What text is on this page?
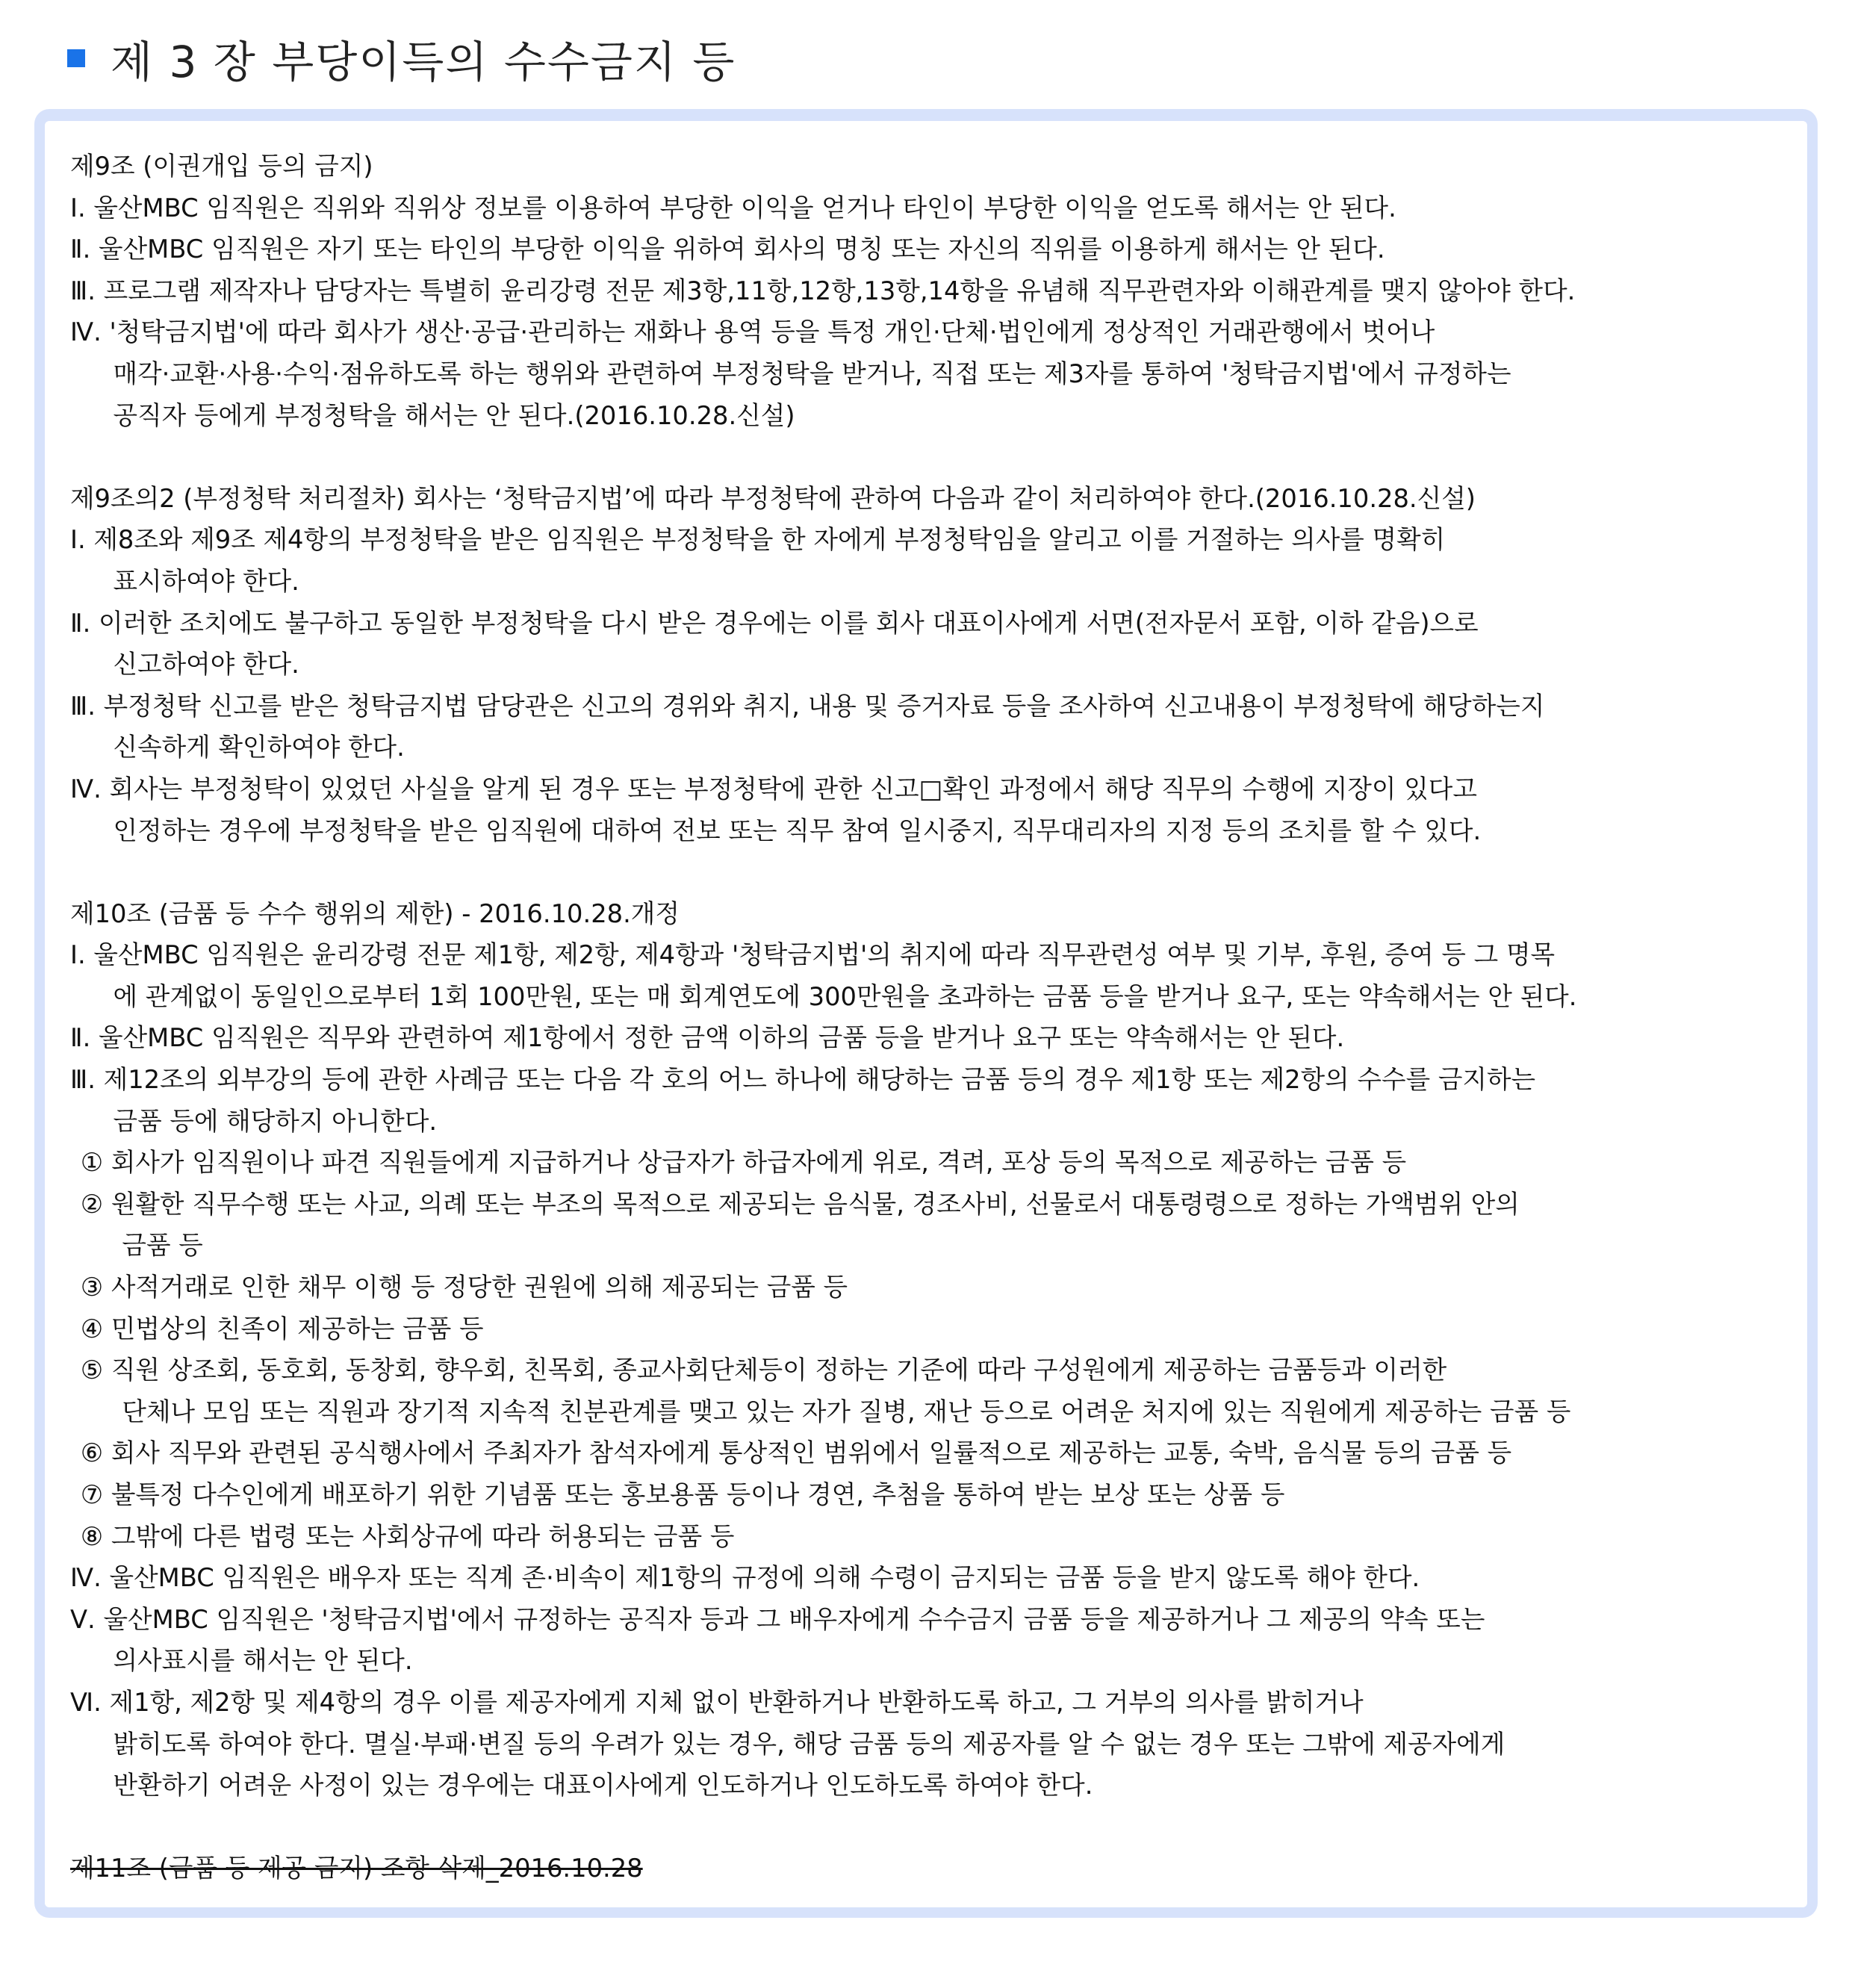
제 3 장 부당이득의 수수금지 등
제9조 (이권개입 등의 금지)
Ⅰ. 울산MBC 임직원은 직위와 직위상 정보를 이용하여 부당한 이익을 얻거나 타인이 부당한 이익을 얻도록 해서는 안 된다.
Ⅱ. 울산MBC 임직원은 자기 또는 타인의 부당한 이익을 위하여 회사의 명칭 또는 자신의 직위를 이용하게 해서는 안 된다.
Ⅲ. 프로그램 제작자나 담당자는 특별히 윤리강령 전문 제3항,11항,12항,13항,14항을 유념해 직무관련자와 이해관계를 맺지 않아야 한다.
Ⅳ. '청탁금지법'에 따라 회사가 생산·공급·관리하는 재화나 용역 등을 특정 개인·단체·법인에게 정상적인 거래관행에서 벗어나
매각·교환·사용·수익·점유하도록 하는 행위와 관련하여 부정청탁을 받거나, 직접 또는 제3자를 통하여 '청탁금지법'에서 규정하는
공직자 등에게 부정청탁을 해서는 안 된다.(2016.10.28.신설)
제9조의2 (부정청탁 처리절차) 회사는 ‘청탁금지법’에 따라 부정청탁에 관하여 다음과 같이 처리하여야 한다.(2016.10.28.신설)
Ⅰ. 제8조와 제9조 제4항의 부정청탁을 받은 임직원은 부정청탁을 한 자에게 부정청탁임을 알리고 이를 거절하는 의사를 명확히
표시하여야 한다.
Ⅱ. 이러한 조치에도 불구하고 동일한 부정청탁을 다시 받은 경우에는 이를 회사 대표이사에게 서면(전자문서 포함, 이하 같음)으로
신고하여야 한다.
Ⅲ. 부정청탁 신고를 받은 청탁금지법 담당관은 신고의 경위와 취지, 내용 및 증거자료 등을 조사하여 신고내용이 부정청탁에 해당하는지
신속하게 확인하여야 한다.
Ⅳ. 회사는 부정청탁이 있었던 사실을 알게 된 경우 또는 부정청탁에 관한 신고□확인 과정에서 해당 직무의 수행에 지장이 있다고
인정하는 경우에 부정청탁을 받은 임직원에 대하여 전보 또는 직무 참여 일시중지, 직무대리자의 지정 등의 조치를 할 수 있다.
제10조 (금품 등 수수 행위의 제한) - 2016.10.28.개정
Ⅰ. 울산MBC 임직원은 윤리강령 전문 제1항, 제2항, 제4항과 '청탁금지법'의 취지에 따라 직무관련성 여부 및 기부, 후원, 증여 등 그 명목
에 관계없이 동일인으로부터 1회 100만원, 또는 매 회계연도에 300만원을 초과하는 금품 등을 받거나 요구, 또는 약속해서는 안 된다.
Ⅱ. 울산MBC 임직원은 직무와 관련하여 제1항에서 정한 금액 이하의 금품 등을 받거나 요구 또는 약속해서는 안 된다.
Ⅲ. 제12조의 외부강의 등에 관한 사례금 또는 다음 각 호의 어느 하나에 해당하는 금품 등의 경우 제1항 또는 제2항의 수수를 금지하는
금품 등에 해당하지 아니한다.
① 회사가 임직원이나 파견 직원들에게 지급하거나 상급자가 하급자에게 위로, 격려, 포상 등의 목적으로 제공하는 금품 등
② 원활한 직무수행 또는 사교, 의례 또는 부조의 목적으로 제공되는 음식물, 경조사비, 선물로서 대통령령으로 정하는 가액범위 안의
금품 등
③ 사적거래로 인한 채무 이행 등 정당한 권원에 의해 제공되는 금품 등
④ 민법상의 친족이 제공하는 금품 등
⑤ 직원 상조회, 동호회, 동창회, 향우회, 친목회, 종교사회단체등이 정하는 기준에 따라 구성원에게 제공하는 금품등과 이러한
단체나 모임 또는 직원과 장기적 지속적 친분관계를 맺고 있는 자가 질병, 재난 등으로 어려운 처지에 있는 직원에게 제공하는 금품 등
⑥ 회사 직무와 관련된 공식행사에서 주최자가 참석자에게 통상적인 범위에서 일률적으로 제공하는 교통, 숙박, 음식물 등의 금품 등
⑦ 불특정 다수인에게 배포하기 위한 기념품 또는 홍보용품 등이나 경연, 추첨을 통하여 받는 보상 또는 상품 등
⑧ 그밖에 다른 법령 또는 사회상규에 따라 허용되는 금품 등
Ⅳ. 울산MBC 임직원은 배우자 또는 직계 존·비속이 제1항의 규정에 의해 수령이 금지되는 금품 등을 받지 않도록 해야 한다.
Ⅴ. 울산MBC 임직원은 '청탁금지법'에서 규정하는 공직자 등과 그 배우자에게 수수금지 금품 등을 제공하거나 그 제공의 약속 또는
의사표시를 해서는 안 된다.
Ⅵ. 제1항, 제2항 및 제4항의 경우 이를 제공자에게 지체 없이 반환하거나 반환하도록 하고, 그 거부의 의사를 밝히거나
밝히도록 하여야 한다. 멸실·부패·변질 등의 우려가 있는 경우, 해당 금품 등의 제공자를 알 수 없는 경우 또는 그밖에 제공자에게
반환하기 어려운 사정이 있는 경우에는 대표이사에게 인도하거나 인도하도록 하여야 한다.
제11조 (금품 등 제공 금지) 조항 삭제_2016.10.28
